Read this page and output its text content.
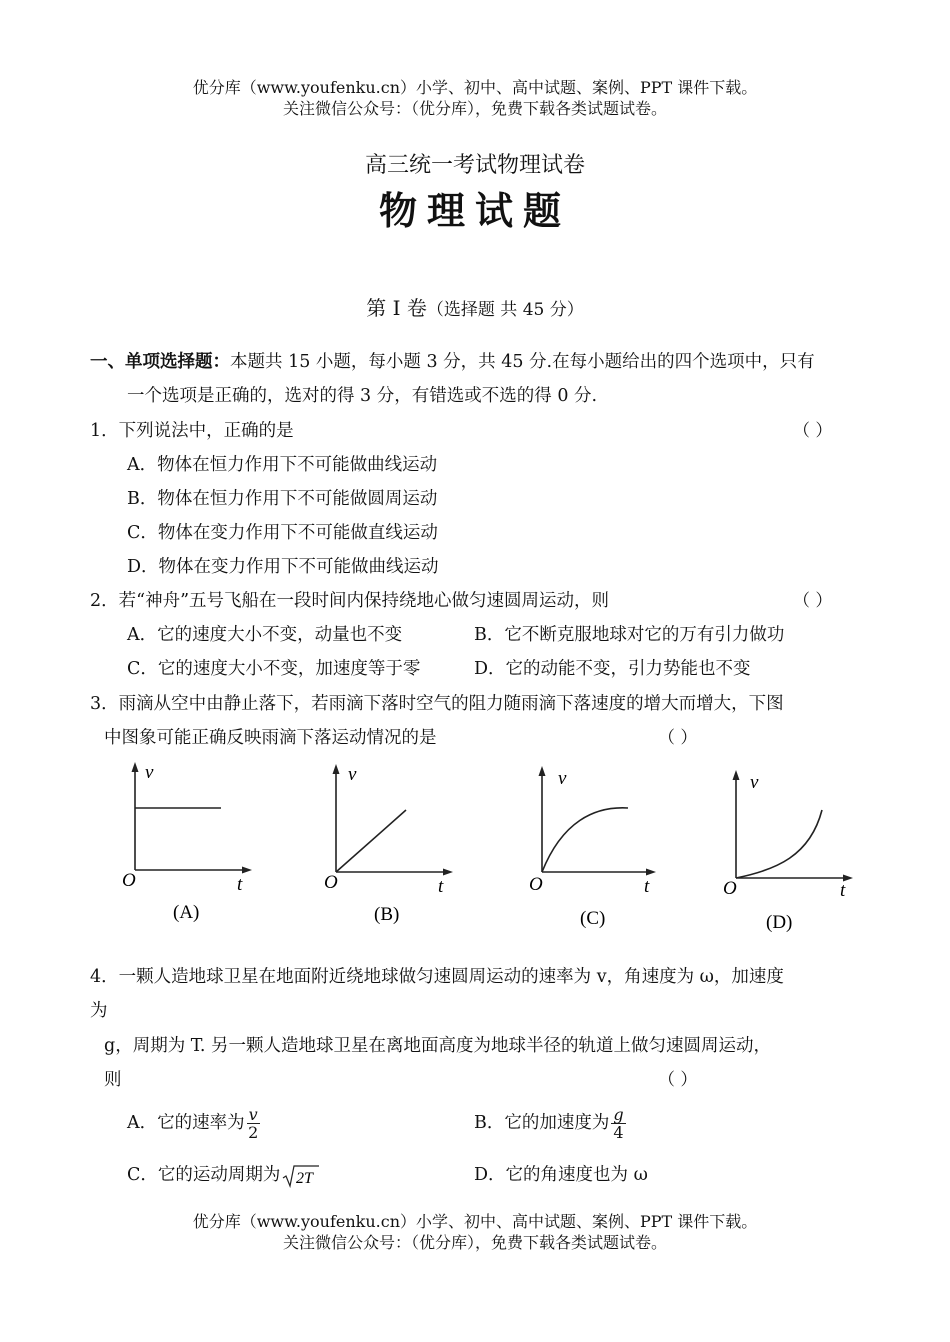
优分库（www.youfenku.cn）小学、初中、高中试题、案例、PPT 课件下载。
关注微信公众号：（优分库），免费下载各类试题试卷。
高三统一考试物理试卷
物理试题
第 Ⅰ 卷（选择题 共 45 分）
一、单项选择题：本题共 15 小题，每小题 3 分，共 45 分.在每小题给出的四个选项中，只有
一个选项是正确的，选对的得 3 分，有错选或不选的得 0 分.
1．下列说法中，正确的是	（ ）
A．物体在恒力作用下不可能做曲线运动
B．物体在恒力作用下不可能做圆周运动
C．物体在变力作用下不可能做直线运动
D．物体在变力作用下不可能做曲线运动
2．若“神舟”五号飞船在一段时间内保持绕地心做匀速圆周运动，则	（ ）
A．它的速度大小不变，动量也不变	B．它不断克服地球对它的万有引力做功
C．它的速度大小不变，加速度等于零	D．它的动能不变，引力势能也不变
3．雨滴从空中由静止落下，若雨滴下落时空气的阻力随雨滴下落速度的增大而增大，下图
中图象可能正确反映雨滴下落运动情况的是	（ ）
v
O	t
(A)
v
O	t
(B)
v
O	t
(C)
v
O	t
(D)
4．一颗人造地球卫星在地面附近绕地球做匀速圆周运动的速率为 v，角速度为 ω，加速度
为
g，周期为 T. 另一颗人造地球卫星在离地面高度为地球半径的轨道上做匀速圆周运动，
则	（ ）
A．它的速率为 $\frac{v}{2}$	B．它的加速度为 $\frac{g}{4}$
C．它的运动周期为 2T	D．它的角速度也为 ω
优分库（www.youfenku.cn）小学、初中、高中试题、案例、PPT 课件下载。
关注微信公众号：（优分库），免费下载各类试题试卷。
